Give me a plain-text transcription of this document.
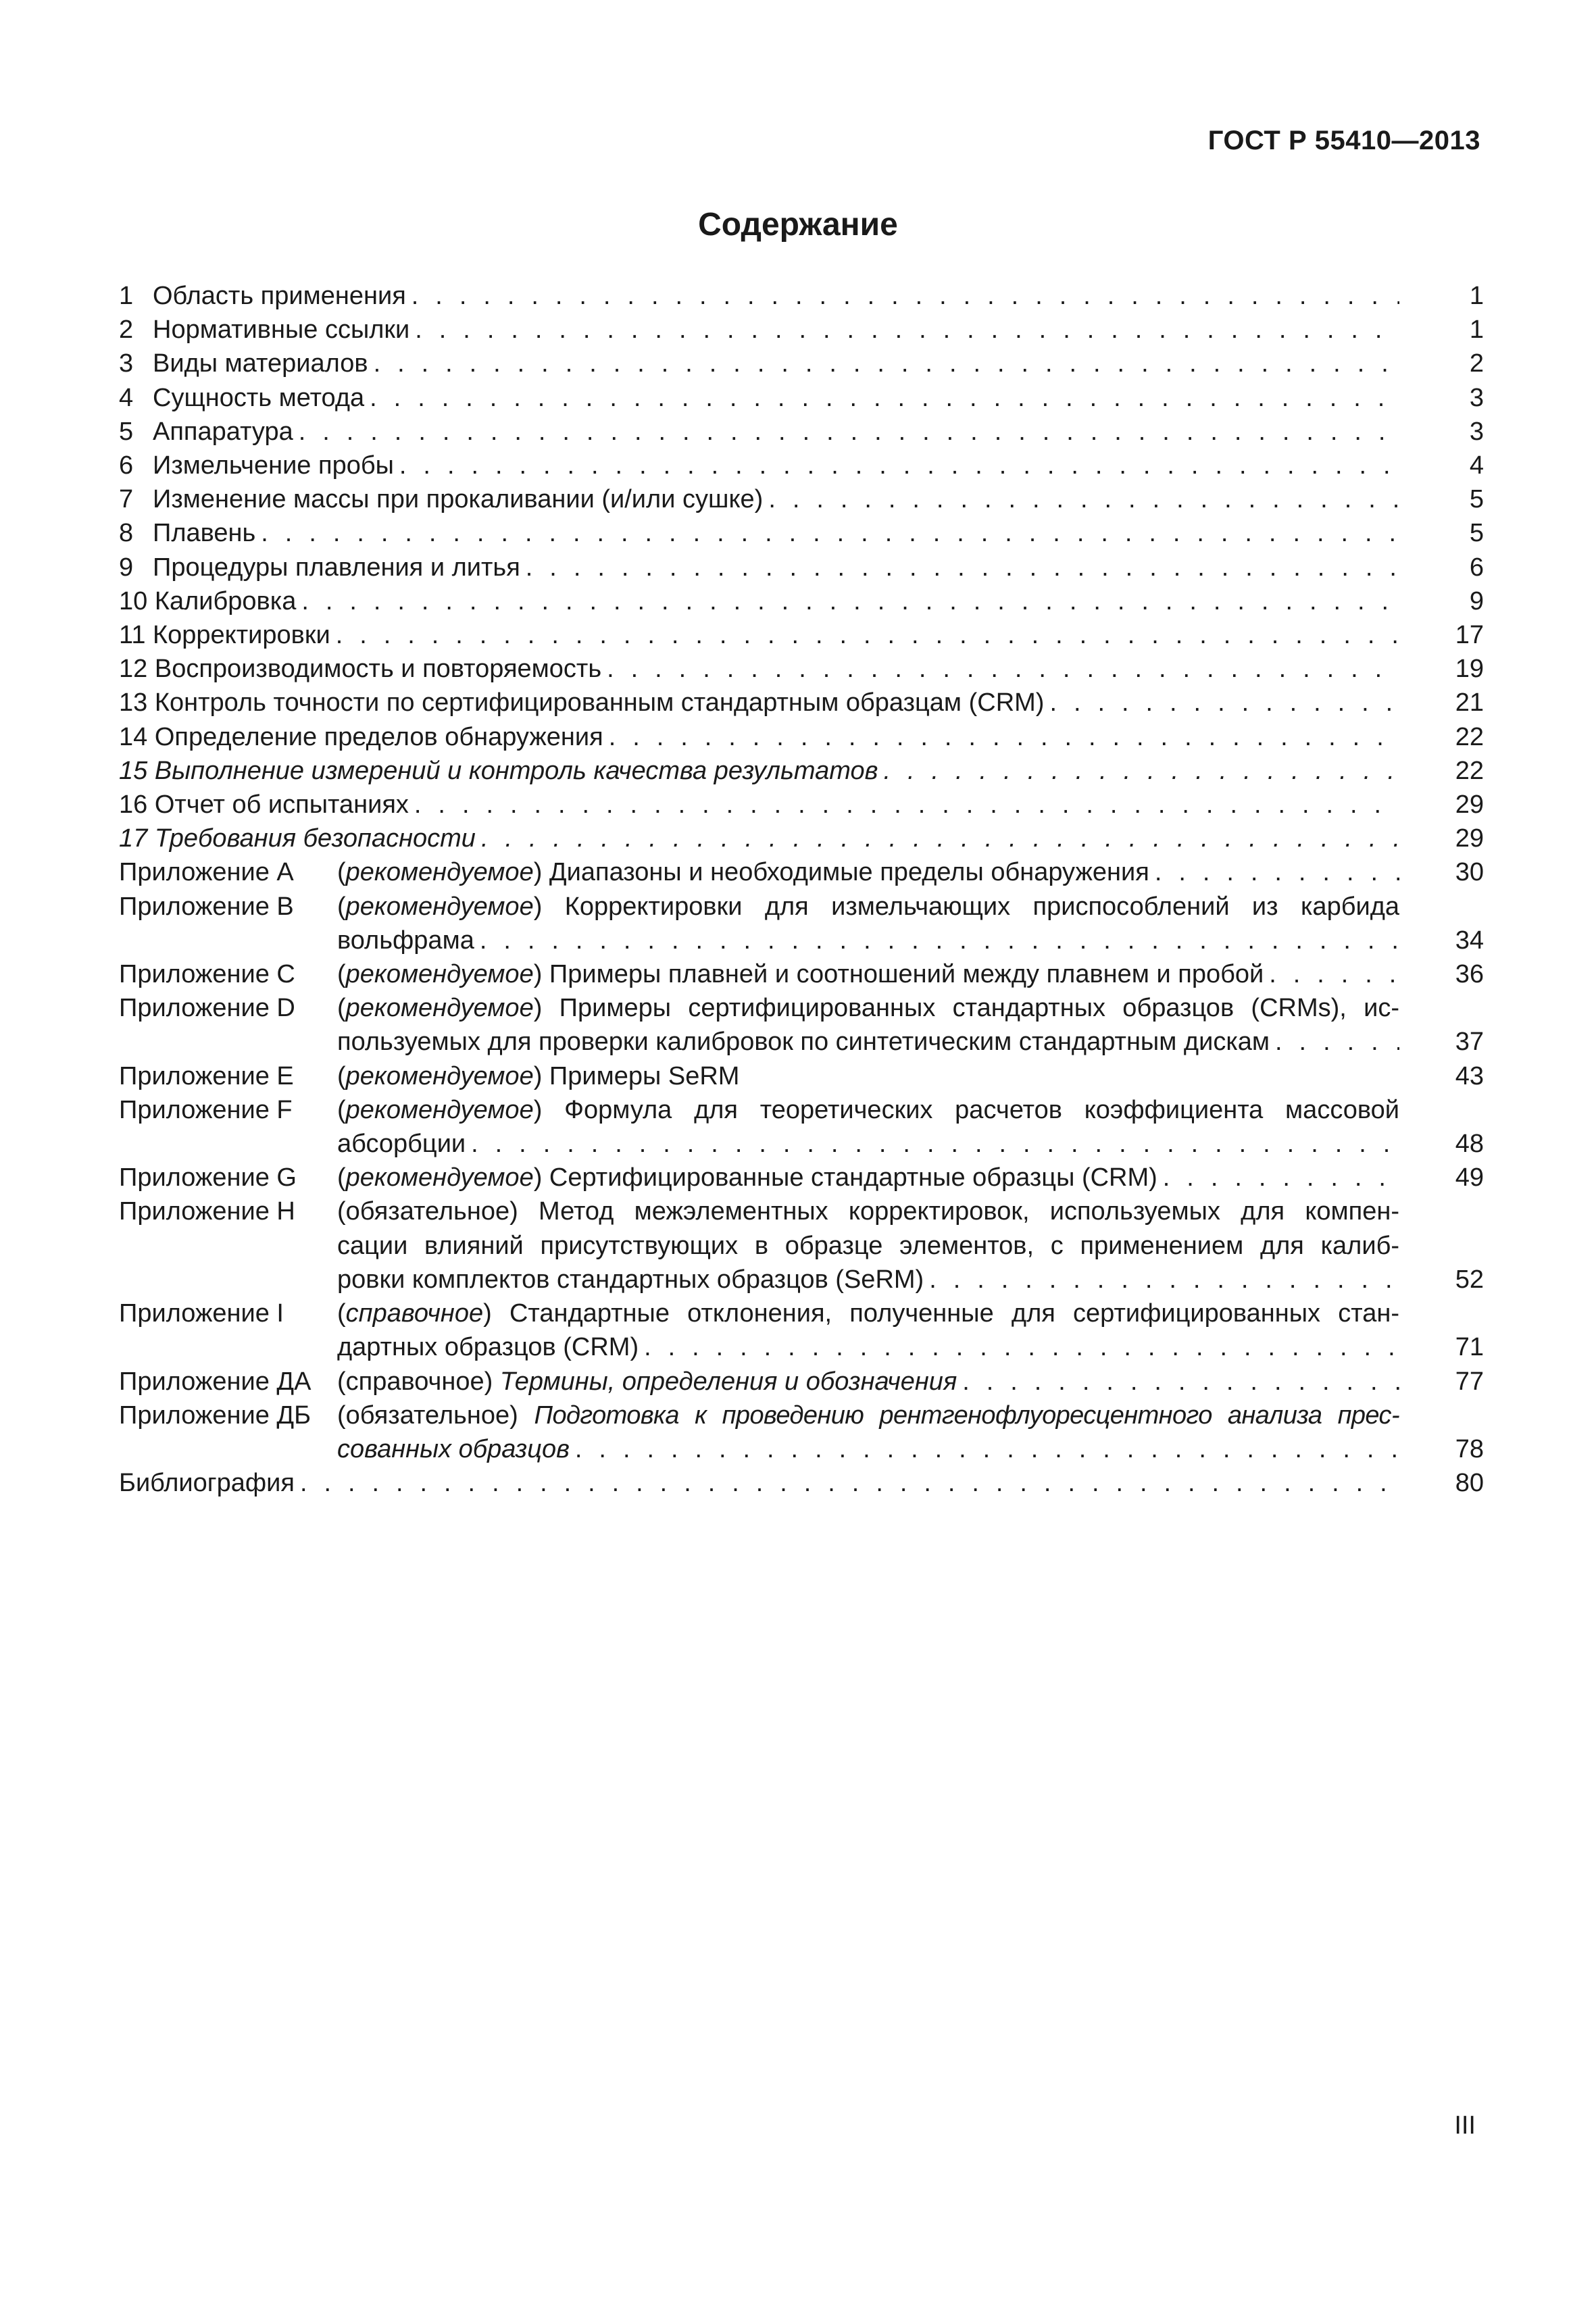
ГОСТ Р 55410—2013
Содержание
1 Область применения . . .	1
2 Нормативные ссылки . . .	1
3 Виды материалов . . .	2
4 Сущность метода . . .	3
5 Аппаратура . . .	3
6 Измельчение пробы . . .	4
7 Изменение массы при прокаливании (и/или сушке) . . .	5
8 Плавень . . .	5
9 Процедуры плавления и литья . . .	6
10 Калибровка . . .	9
11 Корректировки . . .	17
12 Воспроизводимость и повторяемость . . .	19
13 Контроль точности по сертифицированным стандартным образцам (CRM) . . .	21
14 Определение пределов обнаружения . . .	22
15 Выполнение измерений и контроль качества результатов . . .	22
16 Отчет об испытаниях . . .	29
17 Требования безопасности . . .	29
Приложение A	(рекомендуемое) Диапазоны и необходимые пределы обнаружения . . .	30
Приложение B	(рекомендуемое) Корректировки для измельчающих приспособлений из карбида
вольфрама . . .	34
Приложение C	(рекомендуемое) Примеры плавней и соотношений между плавнем и пробой . . .	36
Приложение D	(рекомендуемое) Примеры сертифицированных стандартных образцов (CRMs), ис-
пользуемых для проверки калибровок по синтетическим стандартным дискам . . .	37
Приложение E	(рекомендуемое) Примеры SeRM	43
Приложение F	(рекомендуемое) Формула для теоретических расчетов коэффициента массовой
абсорбции . . .	48
Приложение G	(рекомендуемое) Сертифицированные стандартные образцы (CRM) . . .	49
Приложение H	(обязательное) Метод межэлементных корректировок, используемых для компен-
сации влияний присутствующих в образце элементов, с применением для калиб-
ровки комплектов стандартных образцов (SeRM) . . .	52
Приложение I	(справочное) Стандартные отклонения, полученные для сертифицированных стан-
дартных образцов (CRM) . . .	71
Приложение ДА	(справочное) Термины, определения и обозначения . . .	77
Приложение ДБ	(обязательное) Подготовка к проведению рентгенофлуоресцентного анализа прес-
сованных образцов . . .	78
Библиография . . .	80
III
